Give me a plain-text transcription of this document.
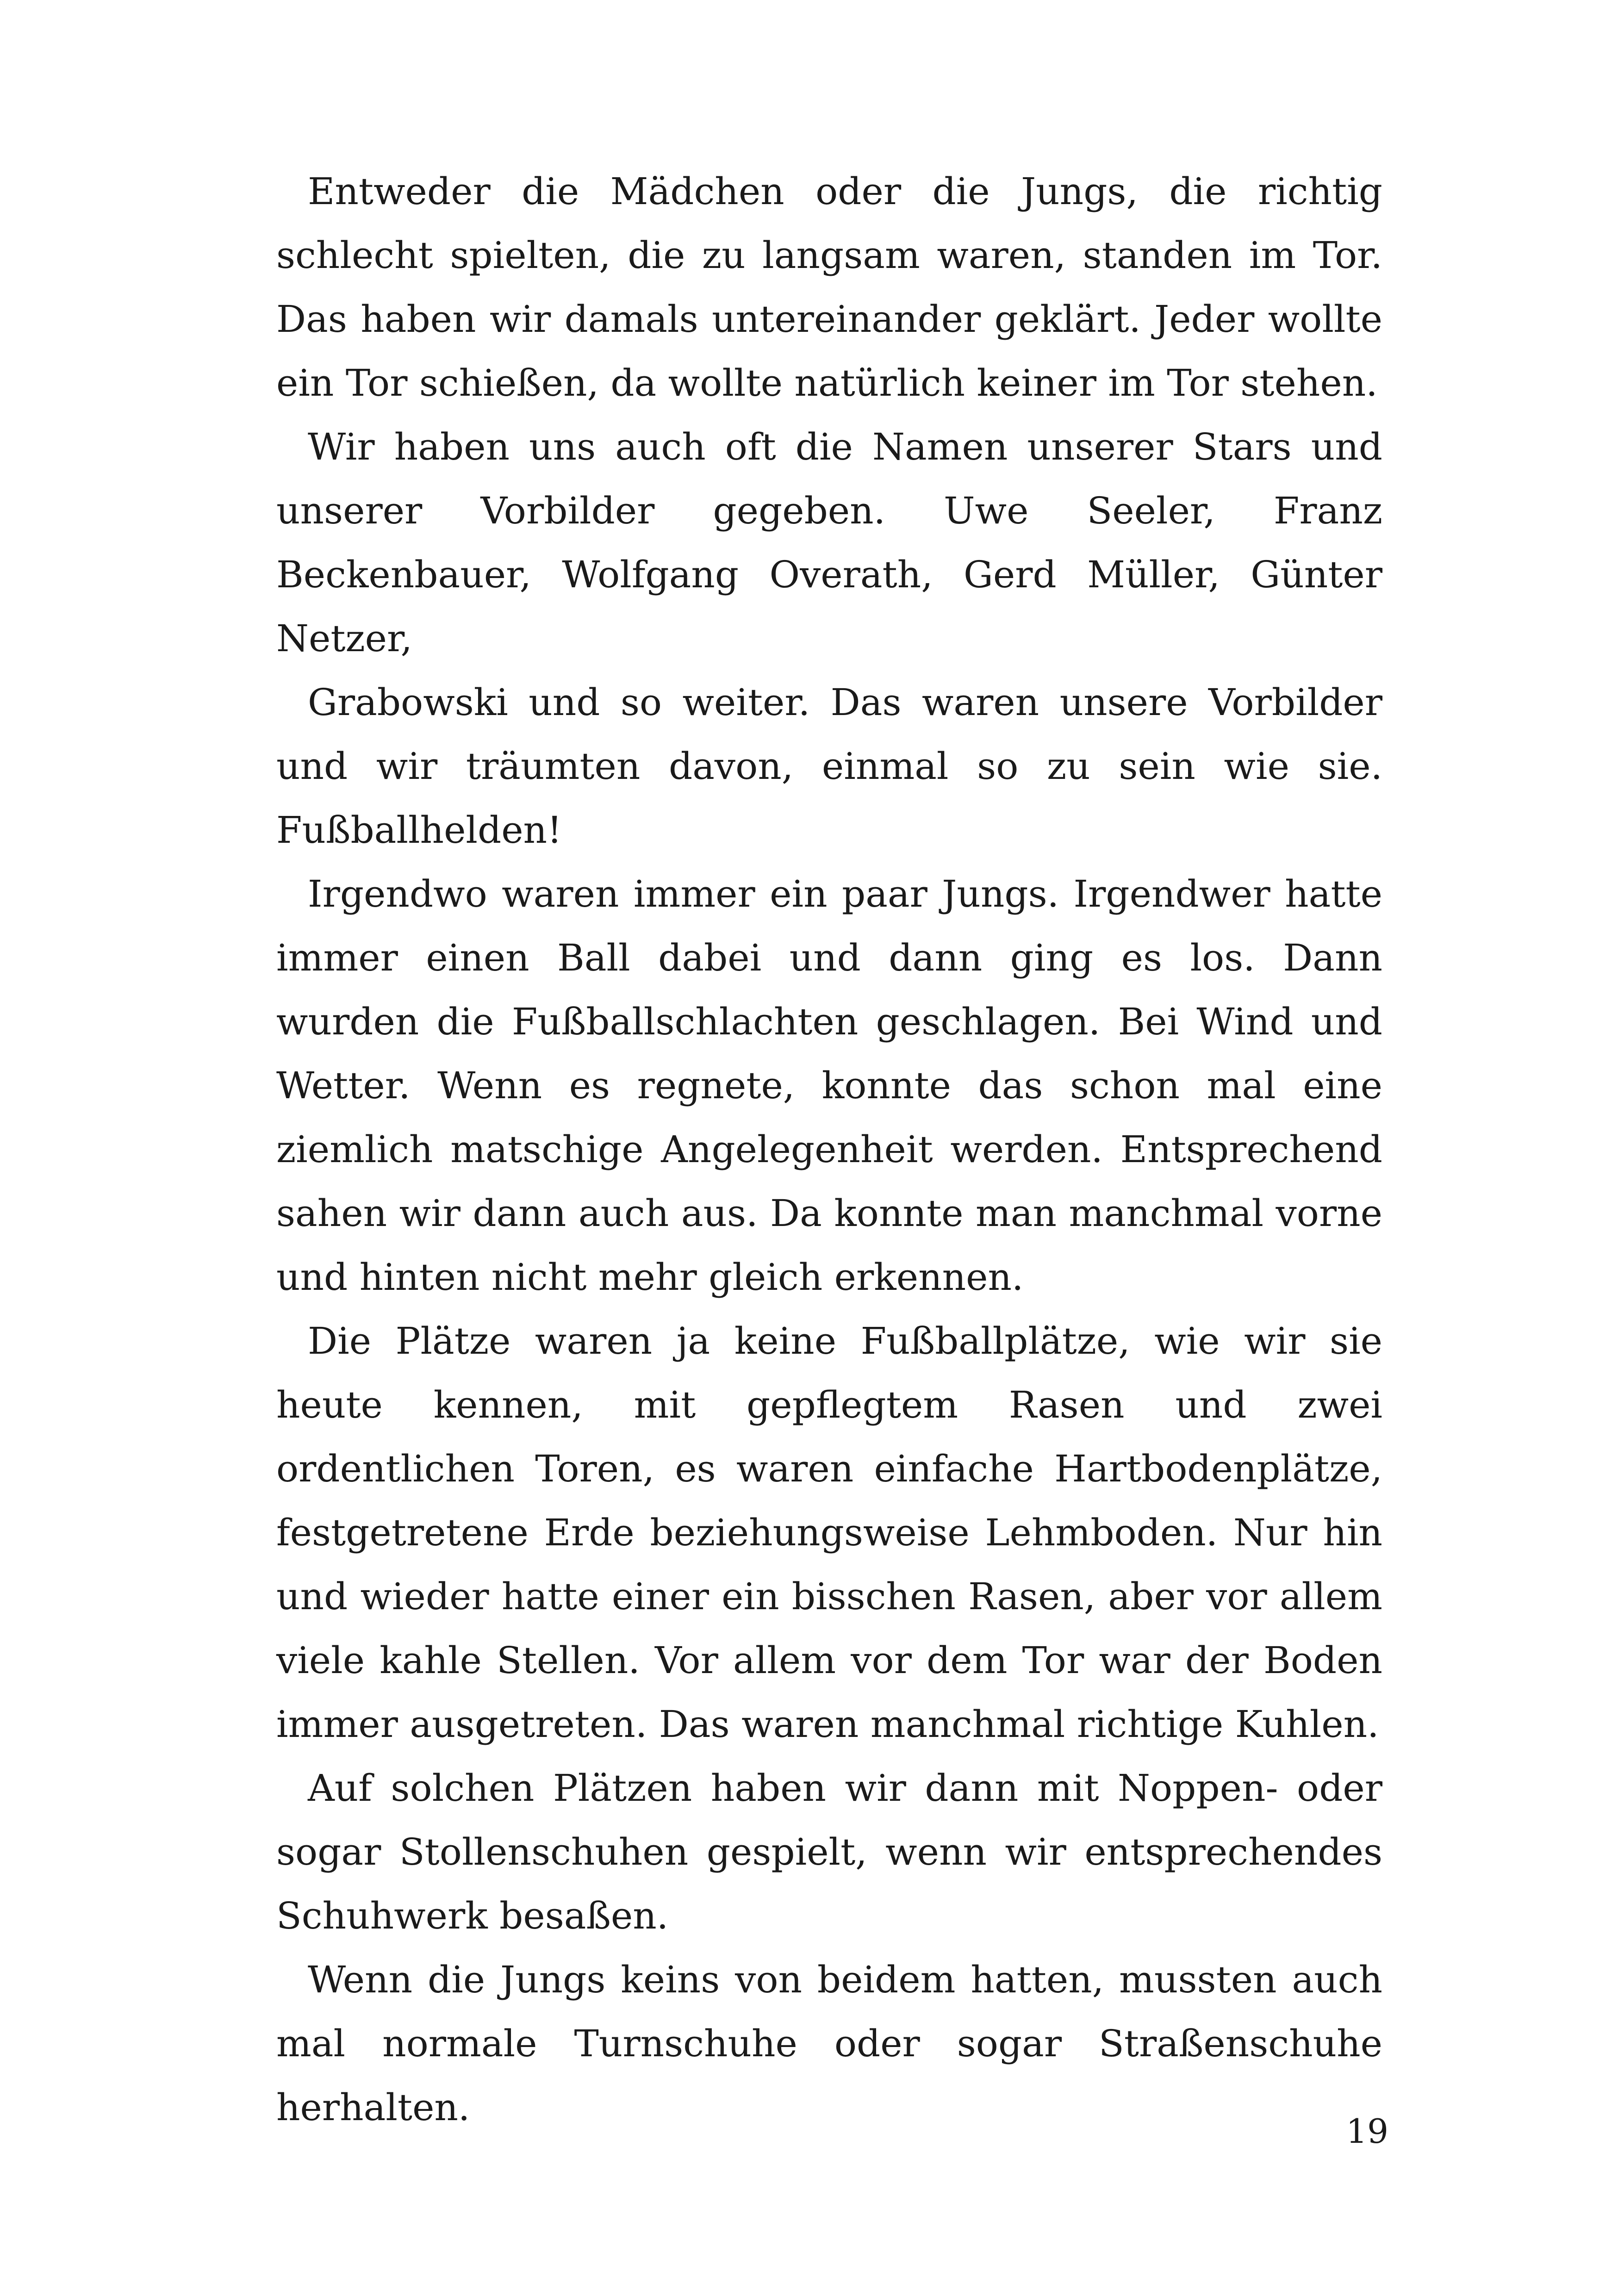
Entweder die Mädchen oder die Jungs, die richtig schlecht spielten, die zu langsam waren, standen im Tor. Das haben wir damals untereinander geklärt. Jeder wollte ein Tor schießen, da wollte natürlich keiner im Tor stehen.

Wir haben uns auch oft die Namen unserer Stars und unserer Vorbilder gegeben. Uwe Seeler, Franz Beckenbauer, Wolfgang Overath, Gerd Müller, Günter Netzer,

Grabowski und so weiter. Das waren unsere Vorbilder und wir träumten davon, einmal so zu sein wie sie. Fußballhelden!

Irgendwo waren immer ein paar Jungs. Irgendwer hatte immer einen Ball dabei und dann ging es los. Dann wurden die Fußballschlachten geschlagen. Bei Wind und Wetter. Wenn es regnete, konnte das schon mal eine ziemlich matschige Angelegenheit werden. Entsprechend sahen wir dann auch aus. Da konnte man manchmal vorne und hinten nicht mehr gleich erkennen.

Die Plätze waren ja keine Fußballplätze, wie wir sie heute kennen, mit gepflegtem Rasen und zwei ordentlichen Toren, es waren einfache Hartbodenplätze, festgetretene Erde beziehungsweise Lehmboden. Nur hin und wieder hatte einer ein bisschen Rasen, aber vor allem viele kahle Stellen. Vor allem vor dem Tor war der Boden immer ausgetreten. Das waren manchmal richtige Kuhlen.

Auf solchen Plätzen haben wir dann mit Noppen- oder sogar Stollenschuhen gespielt, wenn wir entsprechendes Schuhwerk besaßen.

Wenn die Jungs keins von beidem hatten, mussten auch mal normale Turnschuhe oder sogar Straßenschuhe herhalten.

19
